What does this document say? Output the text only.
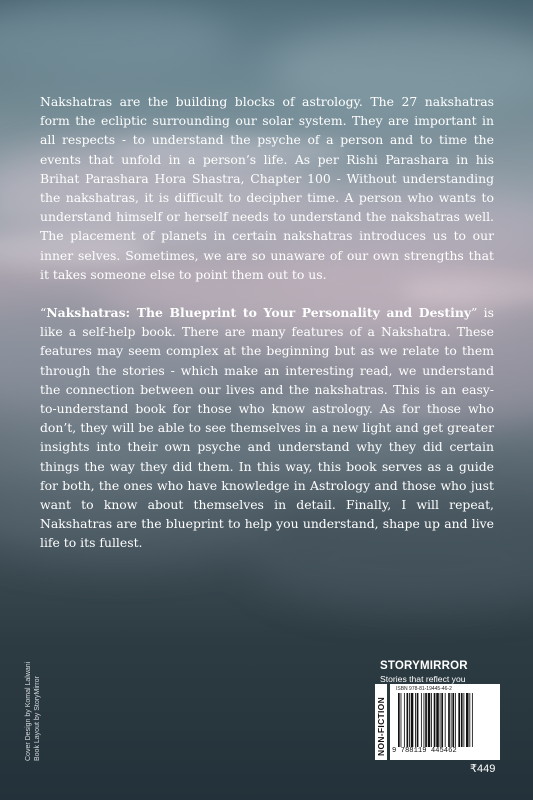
Nakshatras are the building blocks of astrology. The 27 nakshatras form the ecliptic surrounding our solar system. They are important in all respects - to understand the psyche of a person and to time the events that unfold in a person’s life. As per Rishi Parashara in his Brihat Parashara Hora Shastra, Chapter 100 - Without understanding the nakshatras, it is difficult to decipher time. A person who wants to understand himself or herself needs to understand the nakshatras well. The placement of planets in certain nakshatras introduces us to our inner selves. Sometimes, we are so unaware of our own strengths that it takes someone else to point them out to us.

“Nakshatras: The Blueprint to Your Personality and Destiny” is like a self-help book. There are many features of a Nakshatra. These features may seem complex at the beginning but as we relate to them through the stories - which make an interesting read, we understand the connection between our lives and the nakshatras. This is an easy-to-understand book for those who know astrology. As for those who don’t, they will be able to see themselves in a new light and get greater insights into their own psyche and understand why they did certain things the way they did them. In this way, this book serves as a guide for both, the ones who have knowledge in Astrology and those who just want to know about themselves in detail. Finally, I will repeat, Nakshatras are the blueprint to help you understand, shape up and live life to its fullest.

Cover Design by Komal Lalwani Book Layout by StoryMirror
STORYMIRROR
Stories that reflect you
NON-FICTION
ISBN 978-81-19445-46-2
9 788119 445462
₹449
